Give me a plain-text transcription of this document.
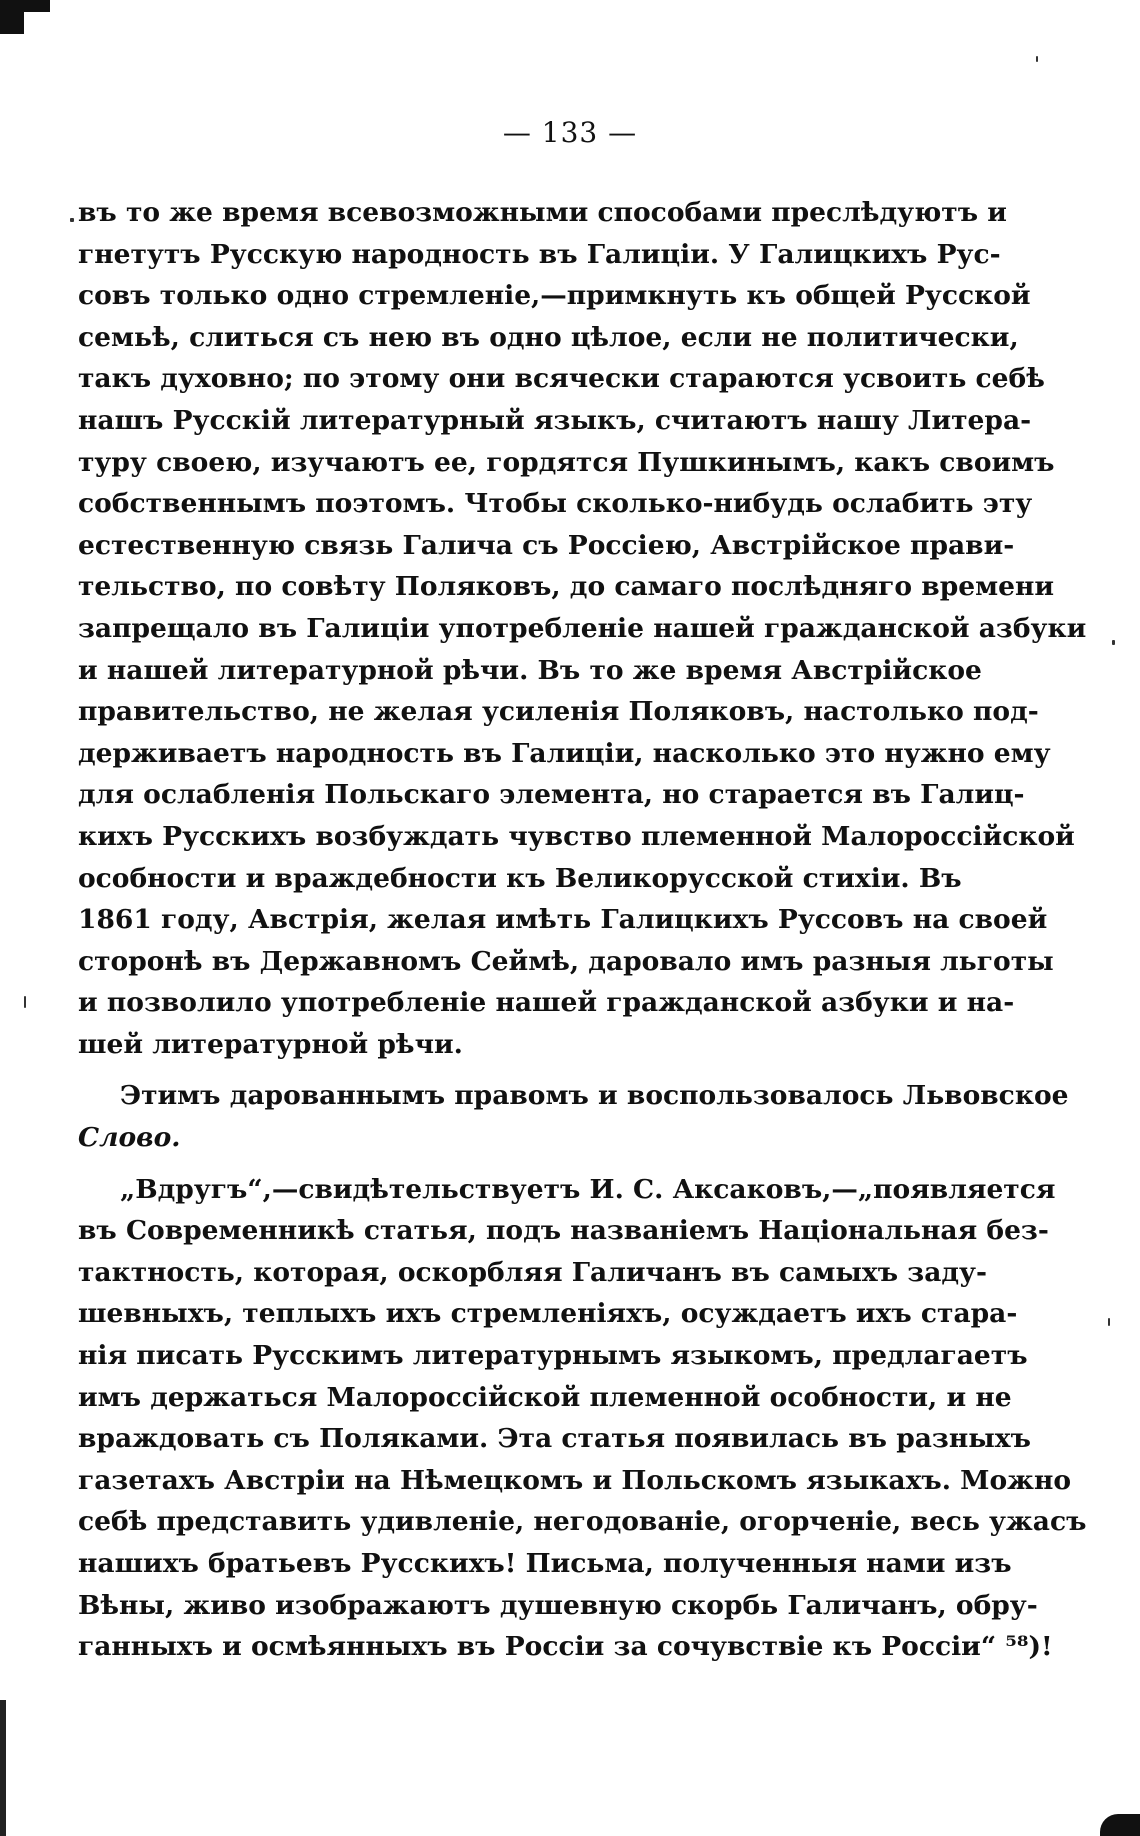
— 133 —
въ то же время всевозможными способами преслѣдуютъ и
гнетутъ Русскую народность въ Галиціи. У Галицкихъ Рус-
совъ только одно стремленіе,—примкнуть къ общей Русской
семьѣ, слиться съ нею въ одно цѣлое, если не политически,
такъ духовно; по этому они всячески стараются усвоить себѣ
нашъ Русскій литературный языкъ, считаютъ нашу Литера-
туру своею, изучаютъ ее, гордятся Пушкинымъ, какъ своимъ
собственнымъ поэтомъ. Чтобы сколько-нибудь ослабить эту
естественную связь Галича съ Россіею, Австрійское прави-
тельство, по совѣту Поляковъ, до самаго послѣдняго времени
запрещало въ Галиціи употребленіе нашей гражданской азбуки
и нашей литературной рѣчи. Въ то же время Австрійское
правительство, не желая усиленія Поляковъ, настолько под-
держиваетъ народность въ Галиціи, насколько это нужно ему
для ослабленія Польскаго элемента, но старается въ Галиц-
кихъ Русскихъ возбуждать чувство племенной Малороссійской
особности и враждебности къ Великорусской стихіи. Въ
1861 году, Австрія, желая имѣть Галицкихъ Руссовъ на своей
сторонѣ въ Державномъ Сеймѣ, даровало имъ разныя льготы
и позволило употребленіе нашей гражданской азбуки и на-
шей литературной рѣчи.
Этимъ дарованнымъ правомъ и воспользовалось Львовское
Слово.
„Вдругъ“,—свидѣтельствуетъ И. С. Аксаковъ,—„появляется
въ Современникѣ статья, подъ названіемъ Національная без-
тактность, которая, оскорбляя Галичанъ въ самыхъ заду-
шевныхъ, теплыхъ ихъ стремленіяхъ, осуждаетъ ихъ стара-
нія писать Русскимъ литературнымъ языкомъ, предлагаетъ
имъ держаться Малороссійской племенной особности, и не
враждовать съ Поляками. Эта статья появилась въ разныхъ
газетахъ Австріи на Нѣмецкомъ и Польскомъ языкахъ. Можно
себѣ представить удивленіе, негодованіе, огорченіе, весь ужасъ
нашихъ братьевъ Русскихъ! Письма, полученныя нами изъ
Вѣны, живо изображаютъ душевную скорбь Галичанъ, обру-
ганныхъ и осмѣянныхъ въ Россіи за сочувствіе къ Россіи“ ⁵⁸)!
